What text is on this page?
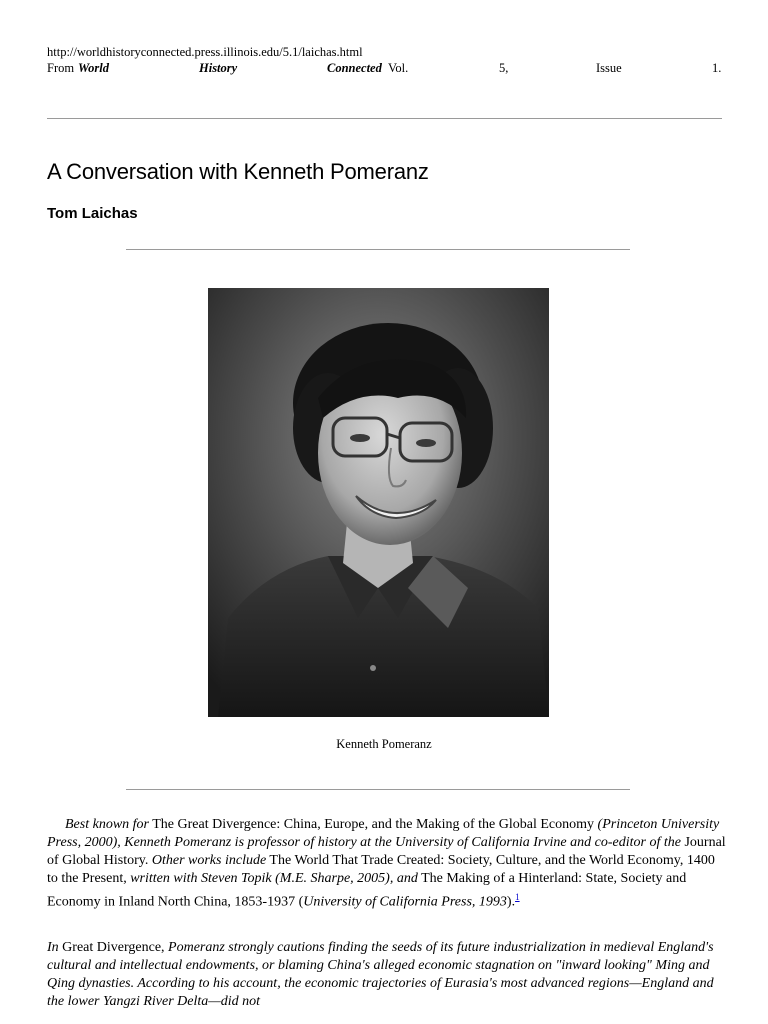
http://worldhistoryconnected.press.illinois.edu/5.1/laichas.html
From World	History	Connected Vol.	5,	Issue	1.
A Conversation with Kenneth Pomeranz
Tom Laichas
Kenneth Pomeranz

Best known for The Great Divergence: China, Europe, and the Making of the Global Economy (Princeton University Press, 2000), Kenneth Pomeranz is professor of history at the University of California Irvine and co-editor of the Journal of Global History. Other works include The World That Trade Created: Society, Culture, and the World Economy, 1400 to the Present, written with Steven Topik (M.E. Sharpe, 2005), and The Making of a Hinterland: State, Society and Economy in Inland North China, 1853-1937 (University of California Press, 1993).$^1$

In Great Divergence, Pomeranz strongly cautions finding the seeds of its future industrialization in medieval England's cultural and intellectual endowments, or blaming China's alleged economic stagnation on "inward looking" Ming and Qing dynasties. According to his account, the economic trajectories of Eurasia's most advanced regions—England and the lower Yangzi River Delta—did not
